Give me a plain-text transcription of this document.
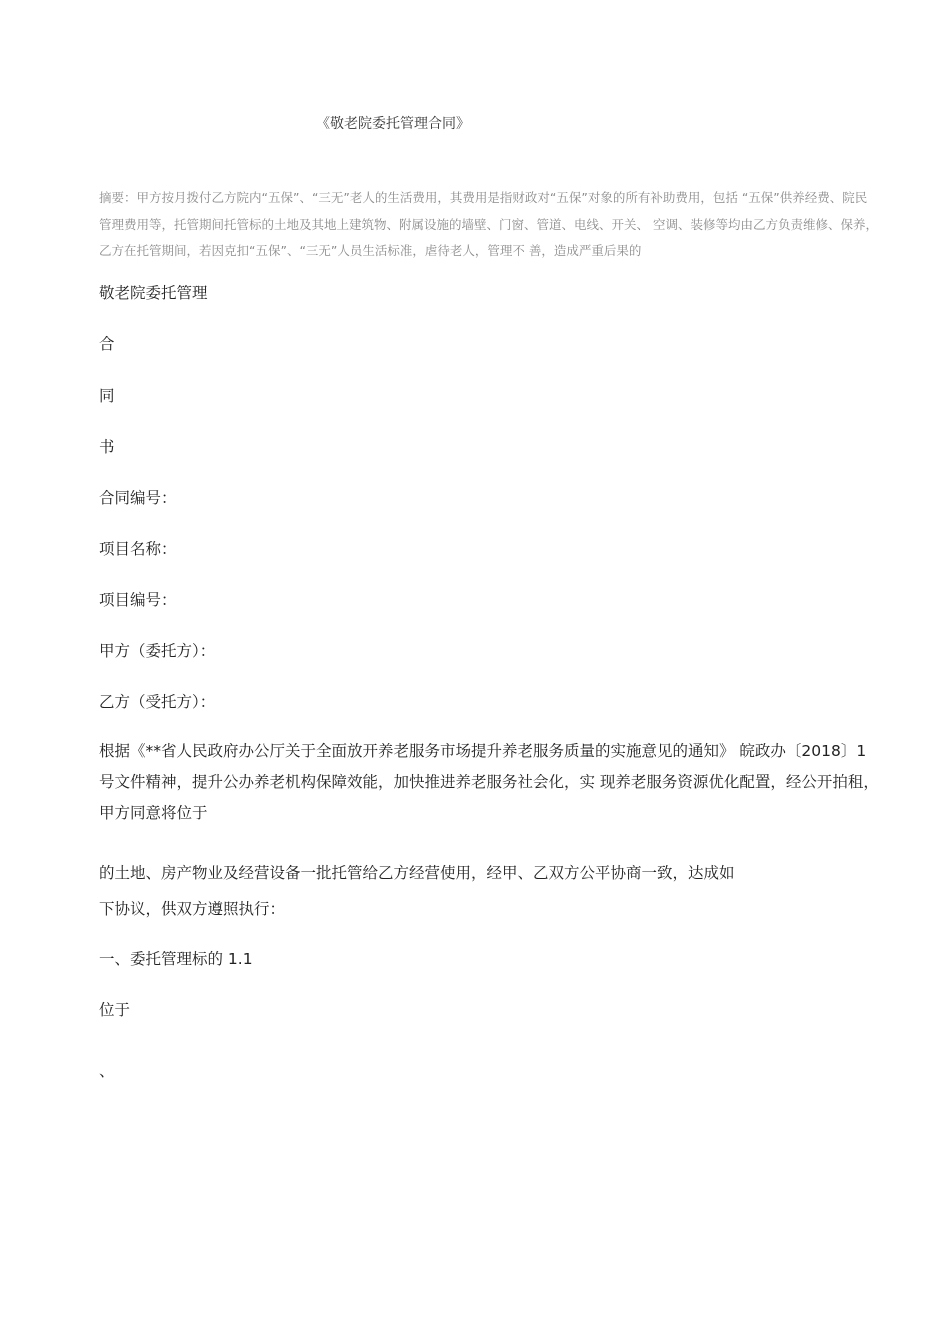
《敬老院委托管理合同》

摘要：甲方按月拨付乙方院内“五保”、“三无”老人的生活费用，其费用是指财政对“五保”对象的所有补助费用，包括 “五保”供养经费、院民管理费用等，托管期间托管标的土地及其地上建筑物、附属设施的墙壁、门窗、管道、电线、开关、 空调、装修等均由乙方负责维修、保养，乙方在托管期间，若因克扣“五保”、“三无”人员生活标准，虐待老人，管理不 善，造成严重后果的

敬老院委托管理

合

同

书

合同编号：

项目名称：

项目编号：

甲方（委托方）：

乙方（受托方）：

根据《**省人民政府办公厅关于全面放开养老服务市场提升养老服务质量的实施意见的通知》 皖政办〔2018〕1 号文件精神，提升公办养老机构保障效能，加快推进养老服务社会化，实 现养老服务资源优化配置，经公开拍租，甲方同意将位于

的土地、房产物业及经营设备一批托管给乙方经营使用，经甲、乙双方公平协商一致，达成如

下协议，供双方遵照执行：

一、委托管理标的 1.1

位于

、
